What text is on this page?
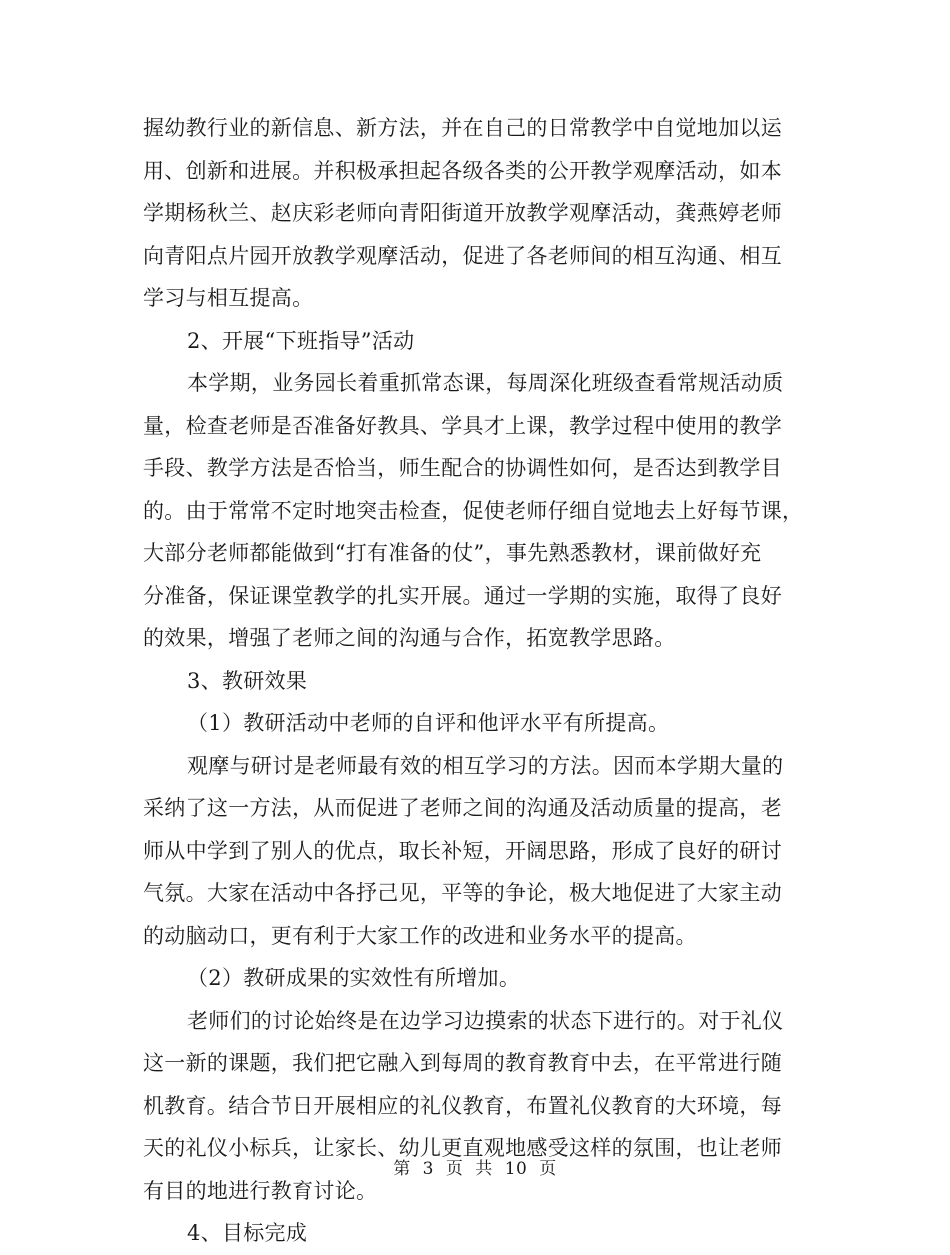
握幼教行业的新信息、新方法，并在自己的日常教学中自觉地加以运
用、创新和进展。并积极承担起各级各类的公开教学观摩活动，如本
学期杨秋兰、赵庆彩老师向青阳街道开放教学观摩活动，龚燕婷老师
向青阳点片园开放教学观摩活动，促进了各老师间的相互沟通、相互
学习与相互提高。
2、开展“下班指导”活动
本学期，业务园长着重抓常态课，每周深化班级查看常规活动质
量，检查老师是否准备好教具、学具才上课，教学过程中使用的教学
手段、教学方法是否恰当，师生配合的协调性如何，是否达到教学目
的。由于常常不定时地突击检查，促使老师仔细自觉地去上好每节课，
大部分老师都能做到“打有准备的仗”，事先熟悉教材，课前做好充
分准备，保证课堂教学的扎实开展。通过一学期的实施，取得了良好
的效果，增强了老师之间的沟通与合作，拓宽教学思路。
3、教研效果
（1）教研活动中老师的自评和他评水平有所提高。
观摩与研讨是老师最有效的相互学习的方法。因而本学期大量的
采纳了这一方法，从而促进了老师之间的沟通及活动质量的提高，老
师从中学到了别人的优点，取长补短，开阔思路，形成了良好的研讨
气氛。大家在活动中各抒己见，平等的争论，极大地促进了大家主动
的动脑动口，更有利于大家工作的改进和业务水平的提高。
（2）教研成果的实效性有所增加。
老师们的讨论始终是在边学习边摸索的状态下进行的。对于礼仪
这一新的课题，我们把它融入到每周的教育教育中去，在平常进行随
机教育。结合节日开展相应的礼仪教育，布置礼仪教育的大环境，每
天的礼仪小标兵，让家长、幼儿更直观地感受这样的氛围，也让老师
有目的地进行教育讨论。
4、目标完成
第 3 页 共 10 页
